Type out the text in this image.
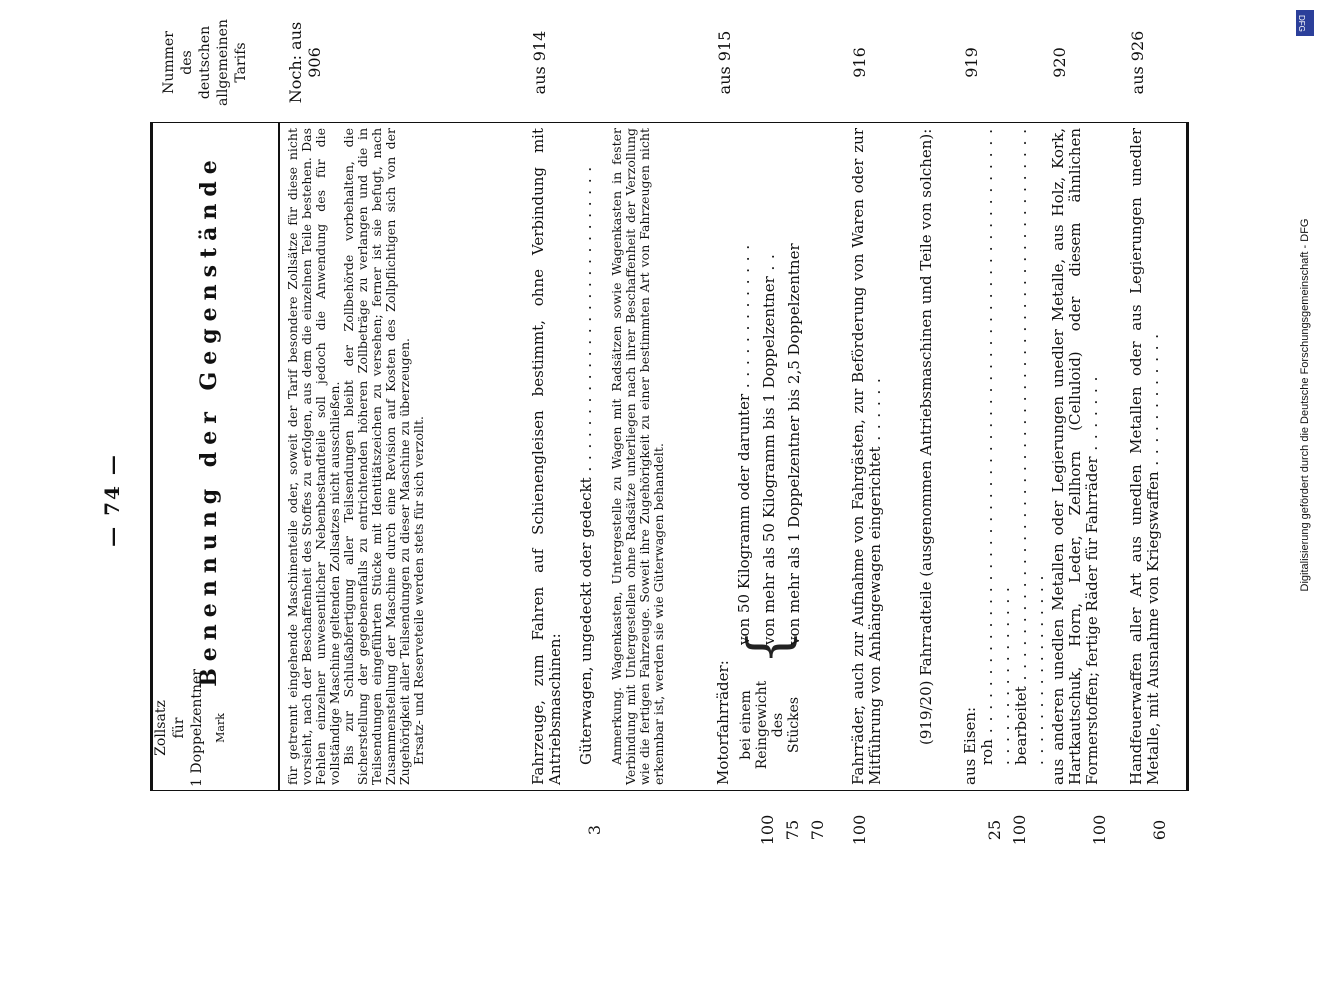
— 74 —
Nummer des deutschen allgemeinen Tarifs
Benennung der Gegenstände
Zollsatz für 1 Doppelzentner Mark
Noch: aus 906
für getrennt eingehende Maschinenteile oder, soweit der Tarif besondere Zollsätze für diese nicht vorsieht, nach der Beschaffenheit des Stoffes zu erfolgen, aus dem die einzelnen Teile bestehen. Das Fehlen einzelner unwesentlicher Nebenbestandteile soll jedoch die Anwendung des für die vollständige Maschine geltenden Zollsatzes nicht ausschließen. Bis zur Schlußabfertigung aller Teilsendungen bleibt der Zollbehörde vorbehalten, die Sicherstellung der gegebenenfalls zu entrichtenden höheren Zollbeträge zu verlangen und die in Teilsendungen eingeführten Stücke mit Identitätszeichen zu versehen; ferner ist sie befugt, nach Zusammenstellung der Maschine durch eine Revision auf Kosten des Zollpflichtigen sich von der Zugehörigkeit aller Teilsendungen zu dieser Maschine zu überzeugen. Ersatz- und Reserveteile werden stets für sich verzollt.
aus 914
Fahrzeuge, zum Fahren auf Schienengleisen bestimmt, ohne Verbindung mit Antriebsmaschinen: Güterwagen, ungedeckt oder gedeckt . . . . . . . . . . . . . . . . . . . . . . . . . . .
3
Anmerkung. Wagenkasten, Untergestelle zu Wagen mit Radsätzen sowie Wagenkasten in fester Verbindung mit Untergestellen ohne Radsätze unterliegen nach ihrer Beschaffenheit der Verzollung wie die fertigen Fahrzeuge. Soweit ihre Zugehörigkeit zu einer bestimmten Art von Fahrzeugen nicht erkennbar ist, werden sie wie Güterwagen behandelt.
aus 915
Motorfahrräder: bei einem Reingewicht des Stückes
{
von 50 Kilogramm oder darunter . . . . . . . . . . . . . von mehr als 50 Kilogramm bis 1 Doppelzentner . . von mehr als 1 Doppelzentner bis 2,5 Doppelzentner
100 75 70
916
Fahrräder, auch zur Aufnahme von Fahrgästen, zur Beförderung von Waren oder zur Mitführung von Anhängewagen eingerichtet . . . . . .
100
(919/20) Fahrradteile (ausgenommen Antriebsmaschinen und Teile von solchen):
919
aus Eisen: roh . . . . . . . . . . . . . . . . . . . . . . . . . . . . . . . . . . . . . . . . . . . . . . . . . . . . . . . . . . . . . . . . . . . . bearbeitet . . . . . . . . . . . . . . . . . . . . . . . . . . . . . . . . . . . . . . . . . . . . . . . . . . . . . . . . . . . . . . . . .
25 100
920
aus anderen unedlen Metallen oder Legierungen unedler Metalle, aus Holz, Kork, Hartkautschuk, Horn, Leder, Zellhorn (Celluloid) oder diesem ähnlichen Formerstoffen; fertige Räder für Fahrräder . . . . . . .
100
aus 926
Handfeuerwaffen aller Art aus unedlen Metallen oder aus Legierungen unedler Metalle, mit Ausnahme von Kriegswaffen . . . . . . . . . . . .
60
DFG
Digitalisierung gefördert durch die Deutsche Forschungsgemeinschaft - DFG
